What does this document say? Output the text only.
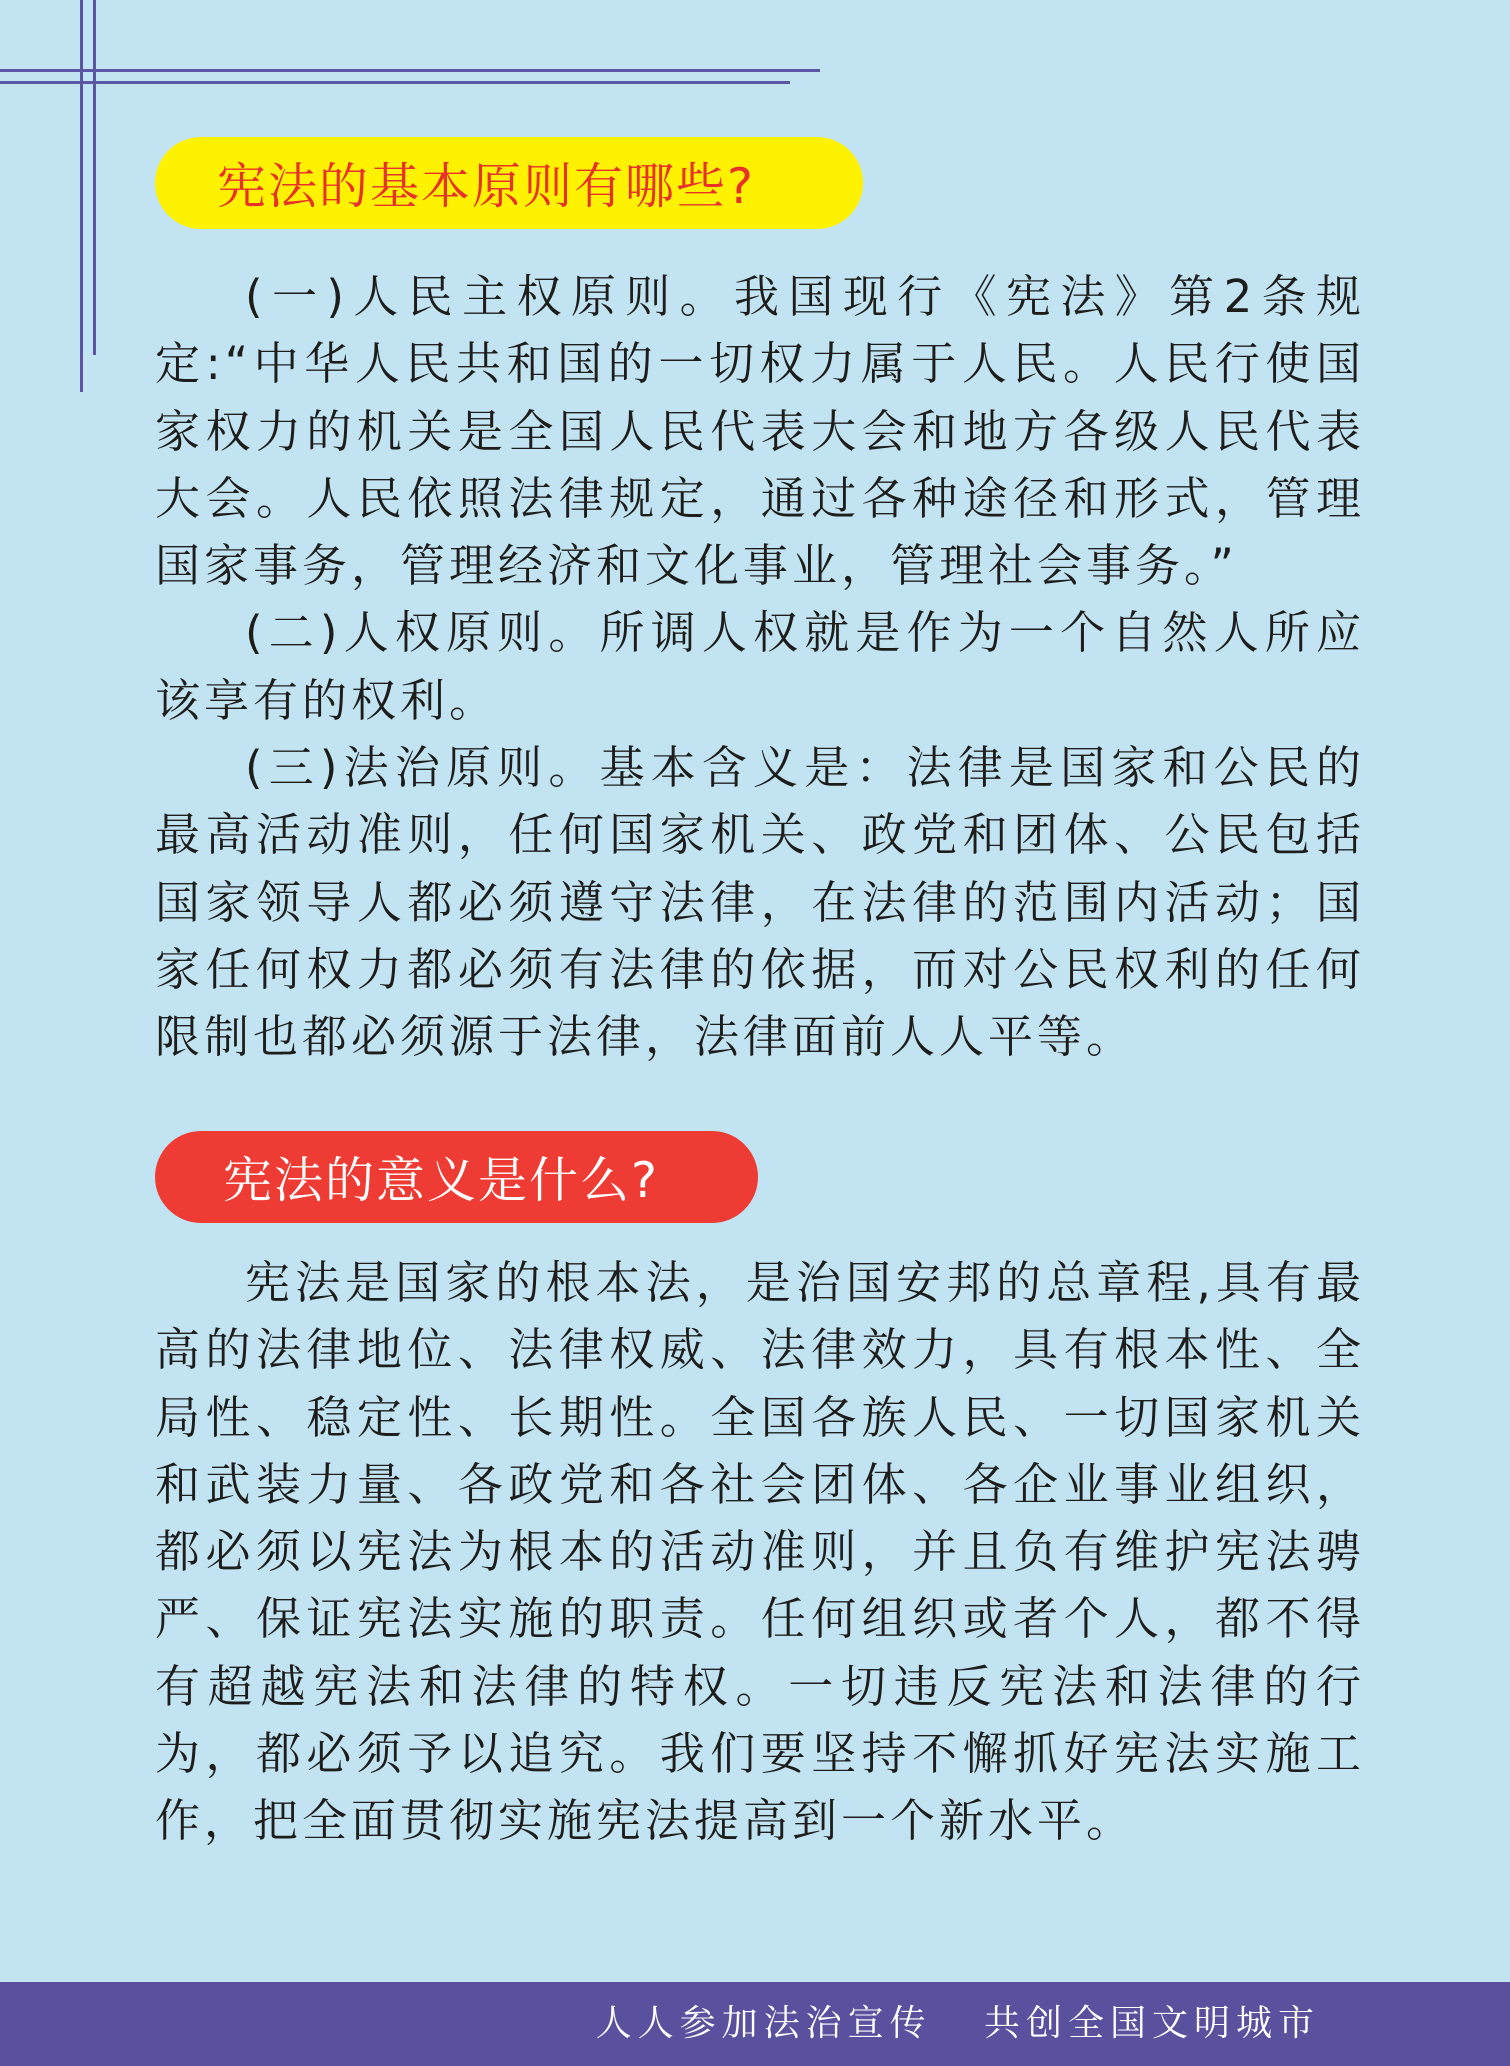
宪法的基本原则有哪些?

(一)人民主权原则。我国现行《宪法》第2条规定:“中华人民共和国的一切权力属于人民。人民行使国家权力的机关是全国人民代表大会和地方各级人民代表大会。人民依照法律规定，通过各种途径和形式，管理国家事务，管理经济和文化事业，管理社会事务。”

(二)人权原则。所调人权就是作为一个自然人所应该享有的权利。

(三)法治原则。基本含义是：法律是国家和公民的最高活动准则，任何国家机关、政党和团体、公民包括国家领导人都必须遵守法律，在法律的范围内活动；国家任何权力都必须有法律的依据，而对公民权利的任何限制也都必须源于法律，法律面前人人平等。

宪法的意义是什么?

宪法是国家的根本法，是治国安邦的总章程,具有最高的法律地位、法律权威、法律效力，具有根本性、全局性、稳定性、长期性。全国各族人民、一切国家机关和武装力量、各政党和各社会团体、各企业事业组织，都必须以宪法为根本的活动准则，并且负有维护宪法骋严、保证宪法实施的职责。任何组织或者个人，都不得有超越宪法和法律的特权。一切违反宪法和法律的行为，都必须予以追究。我们要坚持不懈抓好宪法实施工作，把全面贯彻实施宪法提高到一个新水平。

人人参加法治宣传   共创全国文明城市
